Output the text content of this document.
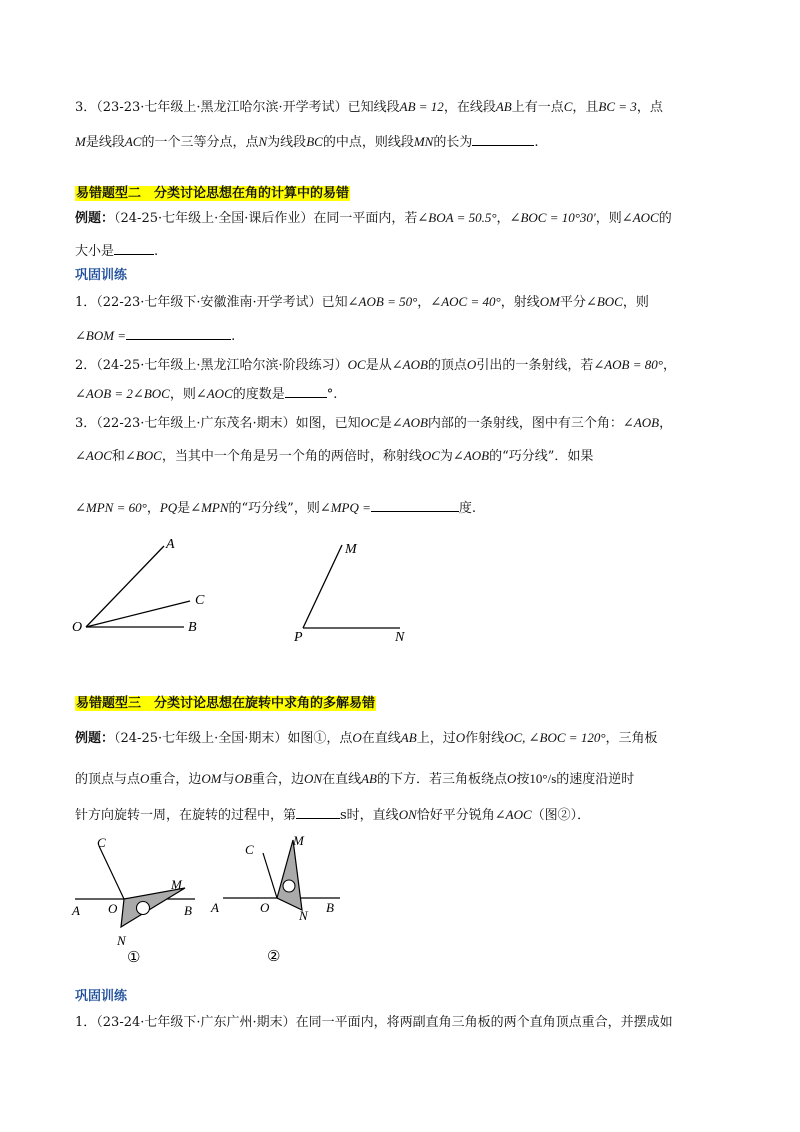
3．（23-23·七年级上·黑龙江哈尔滨·开学考试）已知线段AB = 12，在线段AB上有一点C，且BC = 3，点
M是线段AC的一个三等分点，点N为线段BC的中点，则线段MN的长为	.
易错题型二　分类讨论思想在角的计算中的易错
例题：（24-25·七年级上·全国·课后作业）在同一平面内，若∠BOA = 50.5°，∠BOC = 10°30′，则∠AOC的
大小是	.
巩固训练
1．（22-23·七年级下·安徽淮南·开学考试）已知∠AOB = 50°，∠AOC = 40°，射线OM平分∠BOC，则
∠BOM =	.
2．（24-25·七年级上·黑龙江哈尔滨·阶段练习）OC是从∠AOB的顶点O引出的一条射线，若∠AOB = 80°，
∠AOB = 2∠BOC，则∠AOC的度数是	°.
3．（22-23·七年级上·广东茂名·期末）如图，已知OC是∠AOB内部的一条射线，图中有三个角：∠AOB，
∠AOC和∠BOC，当其中一个角是另一个角的两倍时，称射线OC为∠AOB的“巧分线”．如果
∠MPN = 60°，PQ是∠MPN的“巧分线”，则∠MPQ =	度.
A
C
O	B
M
P	N
易错题型三　分类讨论思想在旋转中求角的多解易错
例题：（24-25·七年级上·全国·期末）如图①，点O在直线AB上，过O作射线OC, ∠BOC = 120°，三角板
的顶点与点O重合，边OM与OB重合，边ON在直线AB的下方．若三角板绕点O按10°/s的速度沿逆时
针方向旋转一周，在旋转的过程中，第	s时，直线ON恰好平分锐角∠AOC（图②）．
C
M
A O	B
N
①
C
M
A	O
N
B
②
巩固训练
1．（23-24·七年级下·广东广州·期末）在同一平面内，将两副直角三角板的两个直角顶点重合，并摆成如
